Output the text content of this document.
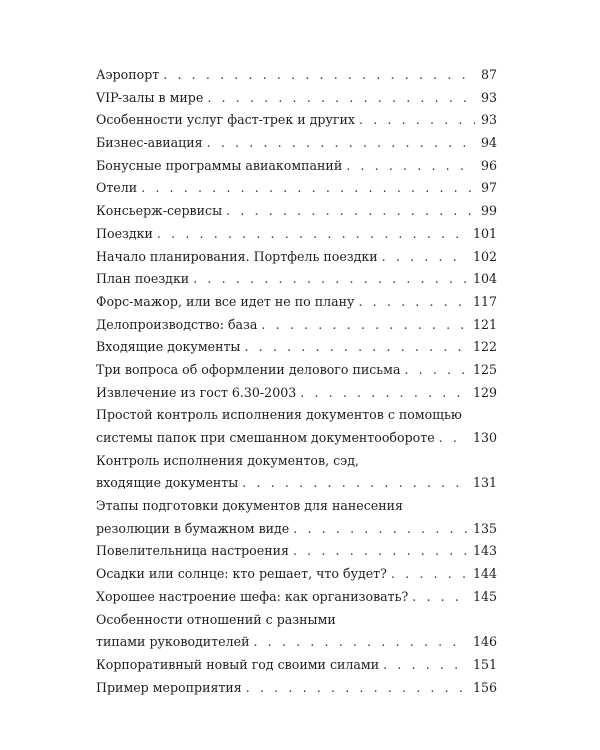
Аэропорт . . .	87
VIP-залы в мире . . .	93
Особенности услуг фаст-трек и других . . .	93
Бизнес-авиация . . .	94
Бонусные программы авиакомпаний . . .	96
Отели . . .	97
Консьерж-сервисы . . .	99
Поездки . . .	101
Начало планирования. Портфель поездки . . .	102
План поездки . . .	104
Форс-мажор, или все идет не по плану . . .	117
Делопроизводство: база . . .	121
Входящие документы . . .	122
Три вопроса об оформлении делового письма . . .	125
Извлечение из гост 6.30-2003 . . .	129
Простой контроль исполнения документов с помощью
системы папок при смешанном документообороте . . .	130
Контроль исполнения документов, сэд,
входящие документы . . .	131
Этапы подготовки документов для нанесения
резолюции в бумажном виде . . .	135
Повелительница настроения . . .	143
Осадки или солнце: кто решает, что будет? . . .	144
Хорошее настроение шефа: как организовать? . . .	145
Особенности отношений с разными
типами руководителей . . .	146
Корпоративный новый год своими силами . . .	151
Пример мероприятия . . .	156
